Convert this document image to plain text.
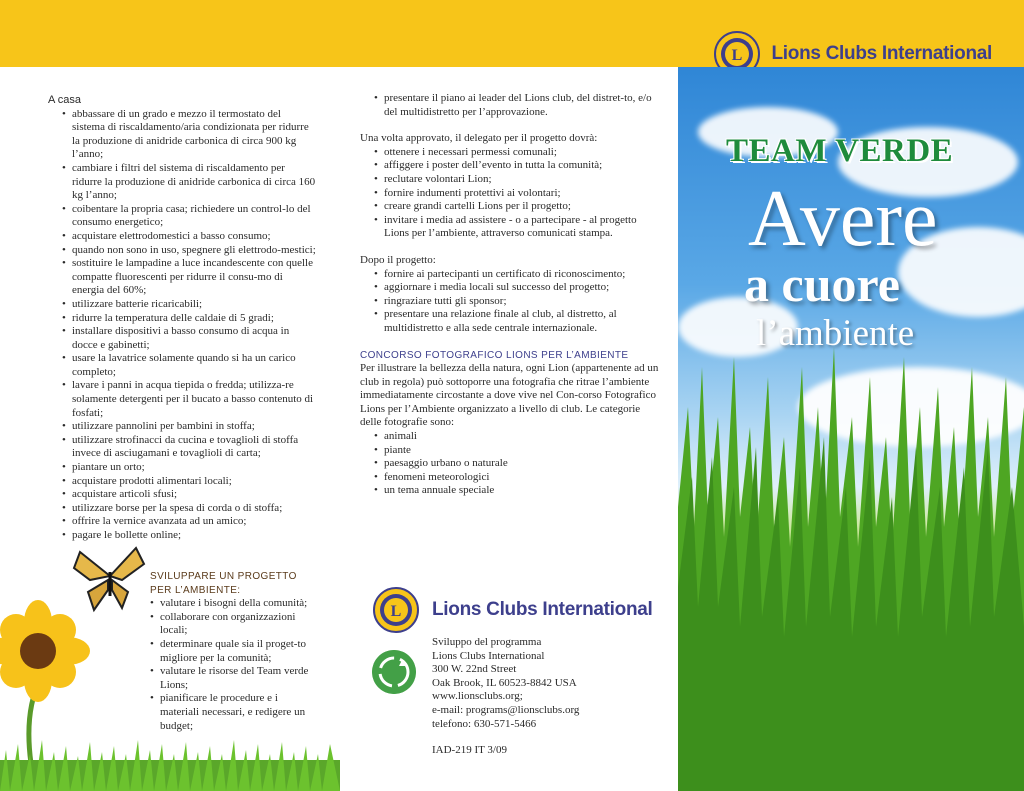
L Lions Clubs International
A casa
• abbassare di un grado e mezzo il termostato del sistema di riscaldamento/aria condizionata per ridurre la produzione di anidride carbonica di circa 900 kg l’anno;
• cambiare i filtri del sistema di riscaldamento per ridurre la produzione di anidride carbonica di circa 160 kg l’anno;
• coibentare la propria casa; richiedere un control-lo del consumo energetico;
• acquistare elettrodomestici a basso consumo;
• quando non sono in uso, spegnere gli elettrodo-mestici;
• sostituire le lampadine a luce incandescente con quelle compatte fluorescenti per ridurre il consu-mo di energia del 60%;
• utilizzare batterie ricaricabili;
• ridurre la temperatura delle caldaie di 5 gradi;
• installare dispositivi a basso consumo di acqua in docce e gabinetti;
• usare la lavatrice solamente quando si ha un carico completo;
• lavare i panni in acqua tiepida o fredda; utilizza-re solamente detergenti per il bucato a basso contenuto di fosfati;
• utilizzare pannolini per bambini in stoffa;
• utilizzare strofinacci da cucina e tovaglioli di stoffa invece di asciugamani e tovaglioli di carta;
• piantare un orto;
• acquistare prodotti alimentari locali;
• acquistare articoli sfusi;
• utilizzare borse per la spesa di corda o di stoffa;
• offrire la vernice avanzata ad un amico;
• pagare le bollette online;
SVILUPPARE UN PROGETTO PER L’AMBIENTE:
• valutare i bisogni della comunità;
• collaborare con organizzazioni locali;
• determinare quale sia il proget-to migliore per la comunità;
• valutare le risorse del Team verde Lions;
• pianificare le procedure e i materiali necessari, e redigere un budget;
• presentare il piano ai leader del Lions club, del distret-to, e/o del multidistretto per l’approvazione.

Una volta approvato, il delegato per il progetto dovrà:

• ottenere i necessari permessi comunali;
• affiggere i poster dell’evento in tutta la comunità;
• reclutare volontari Lion;
• fornire indumenti protettivi ai volontari;
• creare grandi cartelli Lions per il progetto;
• invitare i media ad assistere - o a partecipare - al progetto Lions per l’ambiente, attraverso comunicati stampa.

Dopo il progetto:

• fornire ai partecipanti un certificato di riconoscimento;
• aggiornare i media locali sul successo del progetto;
• ringraziare tutti gli sponsor;
• presentare una relazione finale al club, al distretto, al multidistretto e alla sede centrale internazionale.
CONCORSO FOTOGRAFICO LIONS PER L’AMBIENTE

Per illustrare la bellezza della natura, ogni Lion (appartenente ad un club in regola) può sottoporre una fotografia che ritrae l’ambiente immediatamente circostante a dove vive nel Con-corso Fotografico Lions per l’Ambiente organizzato a livello di club. Le categorie delle fotografie sono:

• animali
• piante
• paesaggio urbano o naturale
• fenomeni meteorologici
• un tema annuale speciale
L Lions Clubs International
Sviluppo del programma
Lions Clubs International
300 W. 22nd Street
Oak Brook, IL 60523-8842 USA
www.lionsclubs.org;
e-mail: programs@lionsclubs.org
telefono: 630-571-5466
IAD-219 IT 3/09
TEAM VERDE
Avere
a cuore
l’ambiente
